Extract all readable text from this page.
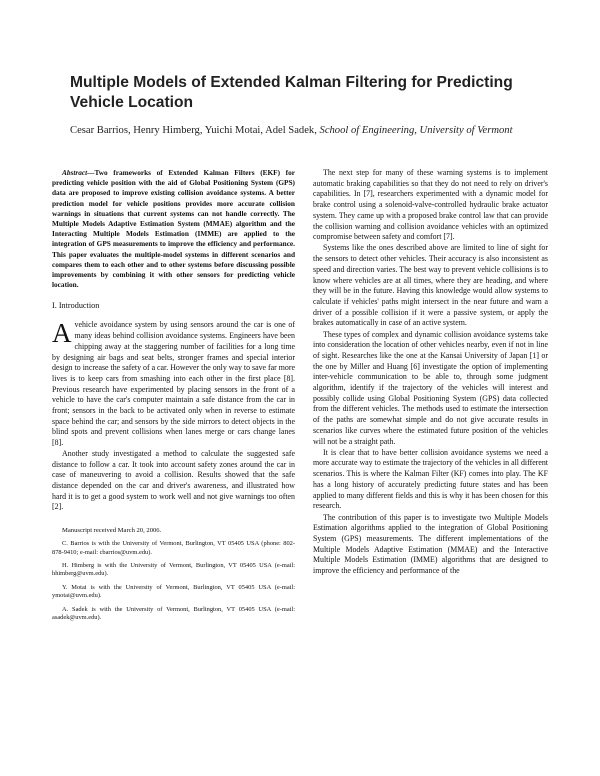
Multiple Models of Extended Kalman Filtering for Predicting Vehicle Location
Cesar Barrios, Henry Himberg, Yuichi Motai, Adel Sadek, School of Engineering, University of Vermont

Abstract—Two frameworks of Extended Kalman Filters (EKF) for predicting vehicle position with the aid of Global Positioning System (GPS) data are proposed to improve existing collision avoidance systems. A better prediction model for vehicle positions provides more accurate collision warnings in situations that current systems can not handle correctly. The Multiple Models Adaptive Estimation System (MMAE) algorithm and the Interacting Multiple Models Estimation (IMME) are applied to the integration of GPS measurements to improve the efficiency and performance. This paper evaluates the multiple-model systems in different scenarios and compares them to each other and to other systems before discussing possible improvements by combining it with other sensors for predicting vehicle location.

I. Introduction

Avehicle avoidance system by using sensors around the car is one of many ideas behind collision avoidance systems. Engineers have been chipping away at the staggering number of facilities for a long time by designing air bags and seat belts, stronger frames and special interior design to increase the safety of a car. However the only way to save far more lives is to keep cars from smashing into each other in the first place [8]. Previous research have experimented by placing sensors in the front of a vehicle to have the car's computer maintain a safe distance from the car in front; sensors in the back to be activated only when in reverse to estimate space behind the car; and sensors by the side mirrors to detect objects in the blind spots and prevent collisions when lanes merge or cars change lanes [8].

Another study investigated a method to calculate the suggested safe distance to follow a car. It took into account safety zones around the car in case of maneuvering to avoid a collision. Results showed that the safe distance depended on the car and driver's awareness, and illustrated how hard it is to get a good system to work well and not give warnings too often [2].

Manuscript received March 20, 2006.

C. Barrios is with the University of Vermont, Burlington, VT 05405 USA (phone: 802-878-9410; e-mail: cbarrios@uvm.edu).

H. Himberg is with the University of Vermont, Burlington, VT 05405 USA (e-mail: hhimberg@uvm.edu).

Y. Motai is with the University of Vermont, Burlington, VT 05405 USA (e-mail: ymotai@uvm.edu).

A. Sadek is with the University of Vermont, Burlington, VT 05405 USA (e-mail: asadek@uvm.edu).

The next step for many of these warning systems is to implement automatic braking capabilities so that they do not need to rely on driver's capabilities. In [7], researchers experimented with a dynamic model for brake control using a solenoid-valve-controlled hydraulic brake actuator system. They came up with a proposed brake control law that can provide the collision warning and collision avoidance vehicles with an optimized compromise between safety and comfort [7].

Systems like the ones described above are limited to line of sight for the sensors to detect other vehicles. Their accuracy is also inconsistent as speed and direction varies. The best way to prevent vehicle collisions is to know where vehicles are at all times, where they are heading, and where they will be in the future. Having this knowledge would allow systems to calculate if vehicles' paths might intersect in the near future and warn a driver of a possible collision if it were a passive system, or apply the brakes automatically in case of an active system.

These types of complex and dynamic collision avoidance systems take into consideration the location of other vehicles nearby, even if not in line of sight. Researches like the one at the Kansai University of Japan [1] or the one by Miller and Huang [6] investigate the option of implementing inter-vehicle communication to be able to, through some judgment algorithm, identify if the trajectory of the vehicles will interest and possibly collide using Global Positioning System (GPS) data collected from the different vehicles. The methods used to estimate the intersection of the paths are somewhat simple and do not give accurate results in scenarios like curves where the estimated future position of the vehicles will not be a straight path.

It is clear that to have better collision avoidance systems we need a more accurate way to estimate the trajectory of the vehicles in all different scenarios. This is where the Kalman Filter (KF) comes into play. The KF has a long history of accurately predicting future states and has been applied to many different fields and this is why it has been chosen for this research.

The contribution of this paper is to investigate two Multiple Models Estimation algorithms applied to the integration of Global Positioning System (GPS) measurements. The different implementations of the Multiple Models Adaptive Estimation (MMAE) and the Interactive Multiple Models Estimation (IMME) algorithms that are designed to improve the efficiency and performance of the
